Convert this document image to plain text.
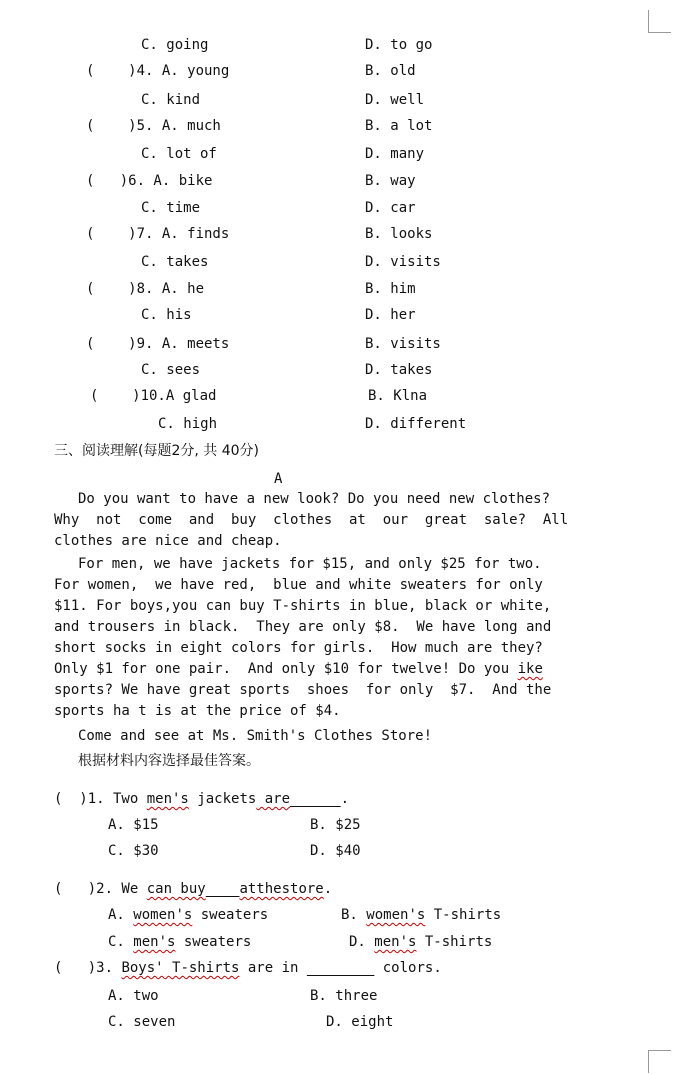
C. going	D. to go
(    )4. A. young	B. old
C. kind	D. well
(    )5. A. much	B. a lot
C. lot of	D. many
(   )6. A. bike	B. way
C. time	D. car
(    )7. A. finds	B. looks
C. takes	D. visits
(    )8. A. he	B. him
C. his	D. her
(    )9. A. meets	B. visits
C. sees	D. takes
(    )10.A glad	B. Klna
C. high	D. different
三、阅读理解(每题2分, 共 40分)
A
Do you want to have a new look? Do you need new clothes?
Why  not  come  and  buy  clothes  at  our  great  sale?  All
clothes are nice and cheap.
For men, we have jackets for $15, and only $25 for two.
For women,  we have red,  blue and white sweaters for only
$11. For boys,you can buy T-shirts in blue, black or white,
and trousers in black.  They are only $8.  We have long and
short socks in eight colors for girls.  How much are they?
Only $1 for one pair.  And only $10 for twelve! Do you ike
sports? We have great sports  shoes  for only  $7.  And the
sports ha t is at the price of $4.
Come and see at Ms. Smith's Clothes Store!
根据材料内容选择最佳答案。
(  )1. Two men's jackets are	.
A. $15	B. $25
C. $30	D. $40
(   )2. We can buy atthestore.
A. women's sweaters	B. women's T-shirts
C. men's sweaters	D. men's T-shirts
(   )3. Boys' T-shirts are in	colors.
A. two	B. three
C. seven	D. eight
